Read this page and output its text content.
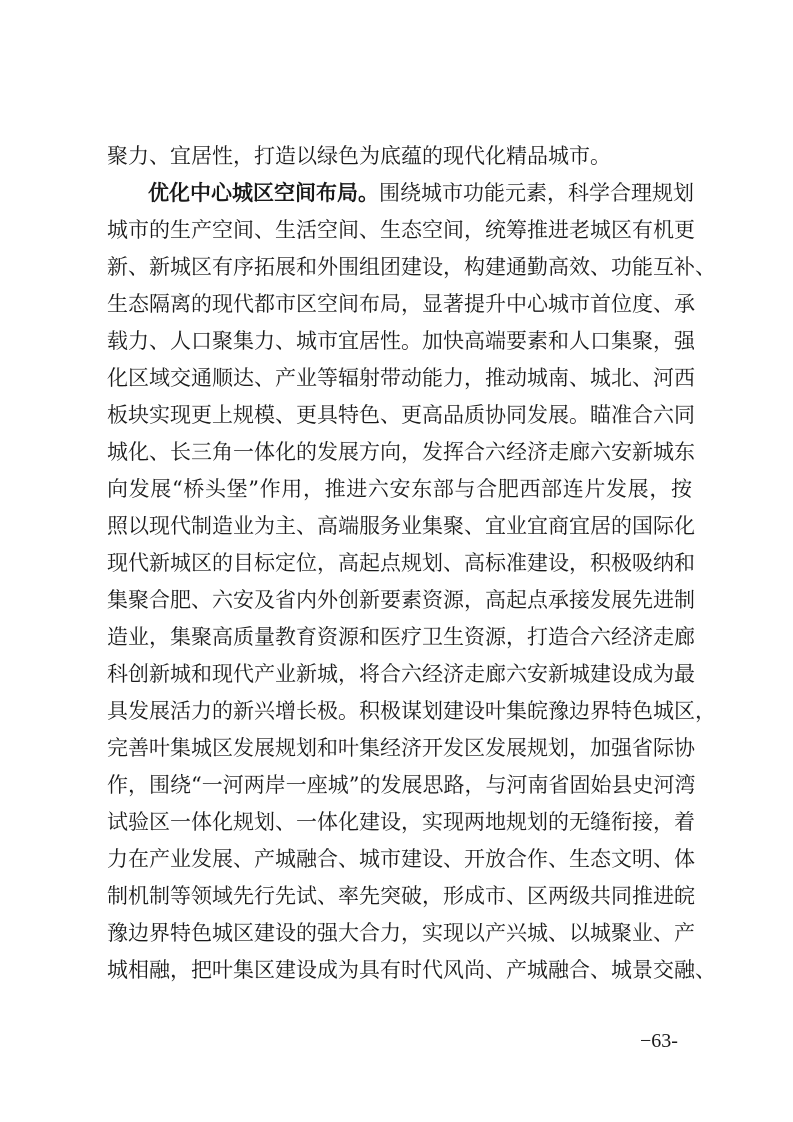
聚力、宜居性，打造以绿色为底蕴的现代化精品城市。
优化中心城区空间布局。围绕城市功能元素，科学合理规划
城市的生产空间、生活空间、生态空间，统筹推进老城区有机更
新、新城区有序拓展和外围组团建设，构建通勤高效、功能互补、
生态隔离的现代都市区空间布局，显著提升中心城市首位度、承
载力、人口聚集力、城市宜居性。加快高端要素和人口集聚，强
化区域交通顺达、产业等辐射带动能力，推动城南、城北、河西
板块实现更上规模、更具特色、更高品质协同发展。瞄准合六同
城化、长三角一体化的发展方向，发挥合六经济走廊六安新城东
向发展“桥头堡”作用，推进六安东部与合肥西部连片发展，按
照以现代制造业为主、高端服务业集聚、宜业宜商宜居的国际化
现代新城区的目标定位，高起点规划、高标准建设，积极吸纳和
集聚合肥、六安及省内外创新要素资源，高起点承接发展先进制
造业，集聚高质量教育资源和医疗卫生资源，打造合六经济走廊
科创新城和现代产业新城，将合六经济走廊六安新城建设成为最
具发展活力的新兴增长极。积极谋划建设叶集皖豫边界特色城区，
完善叶集城区发展规划和叶集经济开发区发展规划，加强省际协
作，围绕“一河两岸一座城”的发展思路，与河南省固始县史河湾
试验区一体化规划、一体化建设，实现两地规划的无缝衔接，着
力在产业发展、产城融合、城市建设、开放合作、生态文明、体
制机制等领域先行先试、率先突破，形成市、区两级共同推进皖
豫边界特色城区建设的强大合力，实现以产兴城、以城聚业、产
城相融，把叶集区建设成为具有时代风尚、产城融合、城景交融、
−63-
